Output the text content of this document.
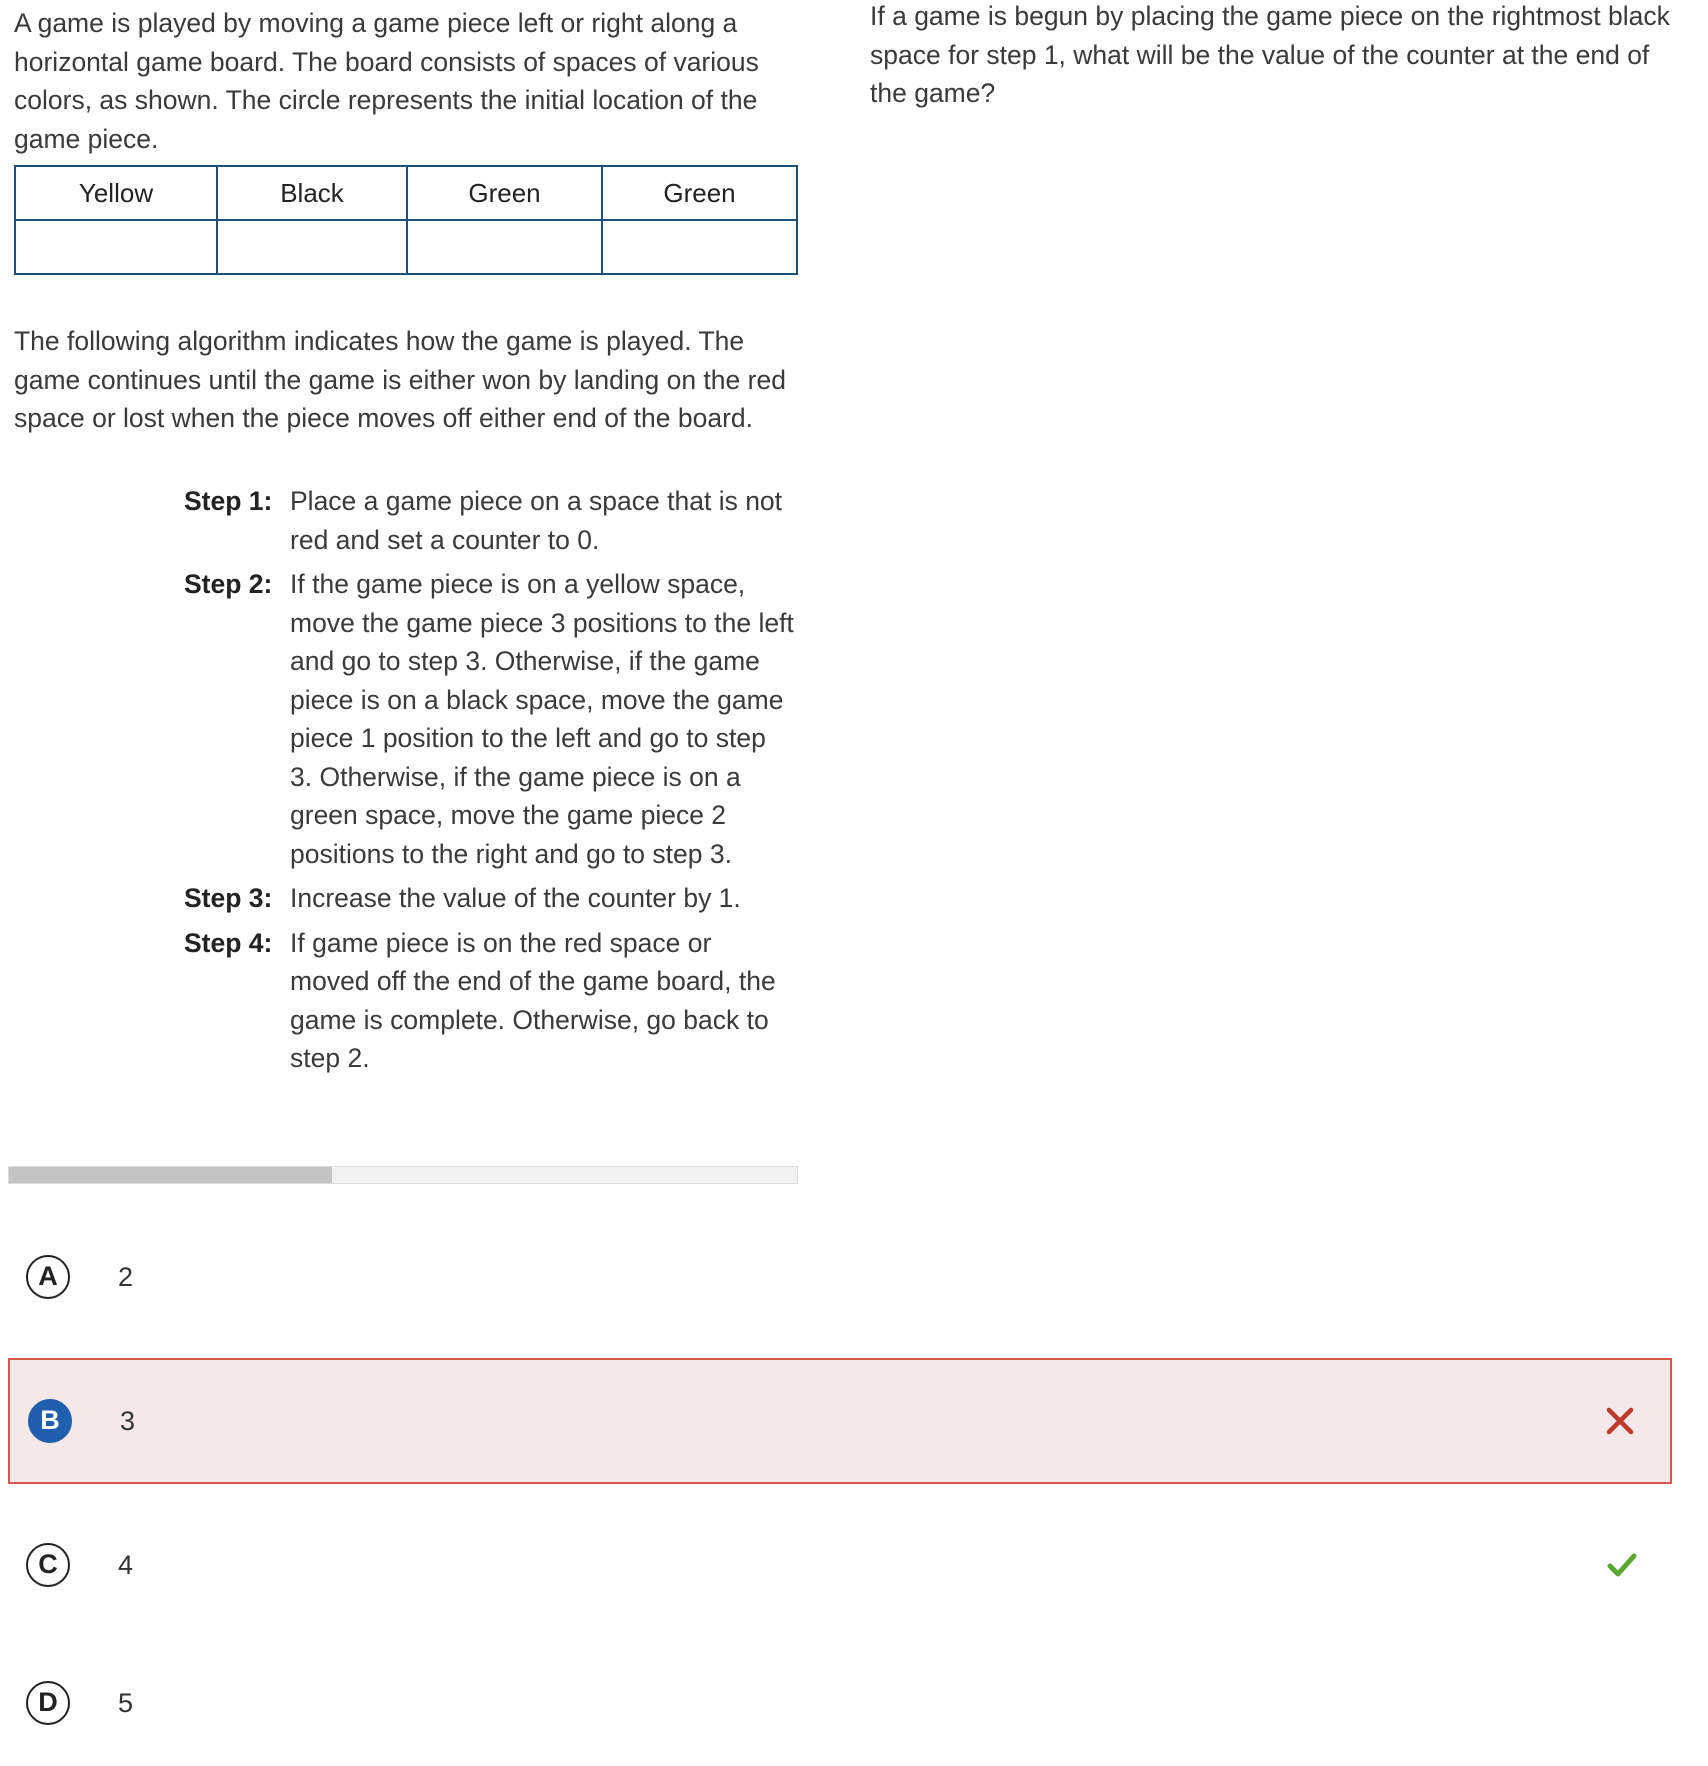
A game is played by moving a game piece left or right along a horizontal game board. The board consists of spaces of various colors, as shown. The circle represents the initial location of the game piece.

Yellow	Black	Green	Green

The following algorithm indicates how the game is played. The game continues until the game is either won by landing on the red space or lost when the piece moves off either end of the board.

Step 1: Place a game piece on a space that is not red and set a counter to 0.
Step 2: If the game piece is on a yellow space, move the game piece 3 positions to the left and go to step 3. Otherwise, if the game piece is on a black space, move the game piece 1 position to the left and go to step 3. Otherwise, if the game piece is on a green space, move the game piece 2 positions to the right and go to step 3.
Step 3: Increase the value of the counter by 1.
Step 4: If game piece is on the red space or moved off the end of the game board, the game is complete. Otherwise, go back to step 2.

If a game is begun by placing the game piece on the rightmost black space for step 1, what will be the value of the counter at the end of the game?

A	2
B	3
C	4
D	5
